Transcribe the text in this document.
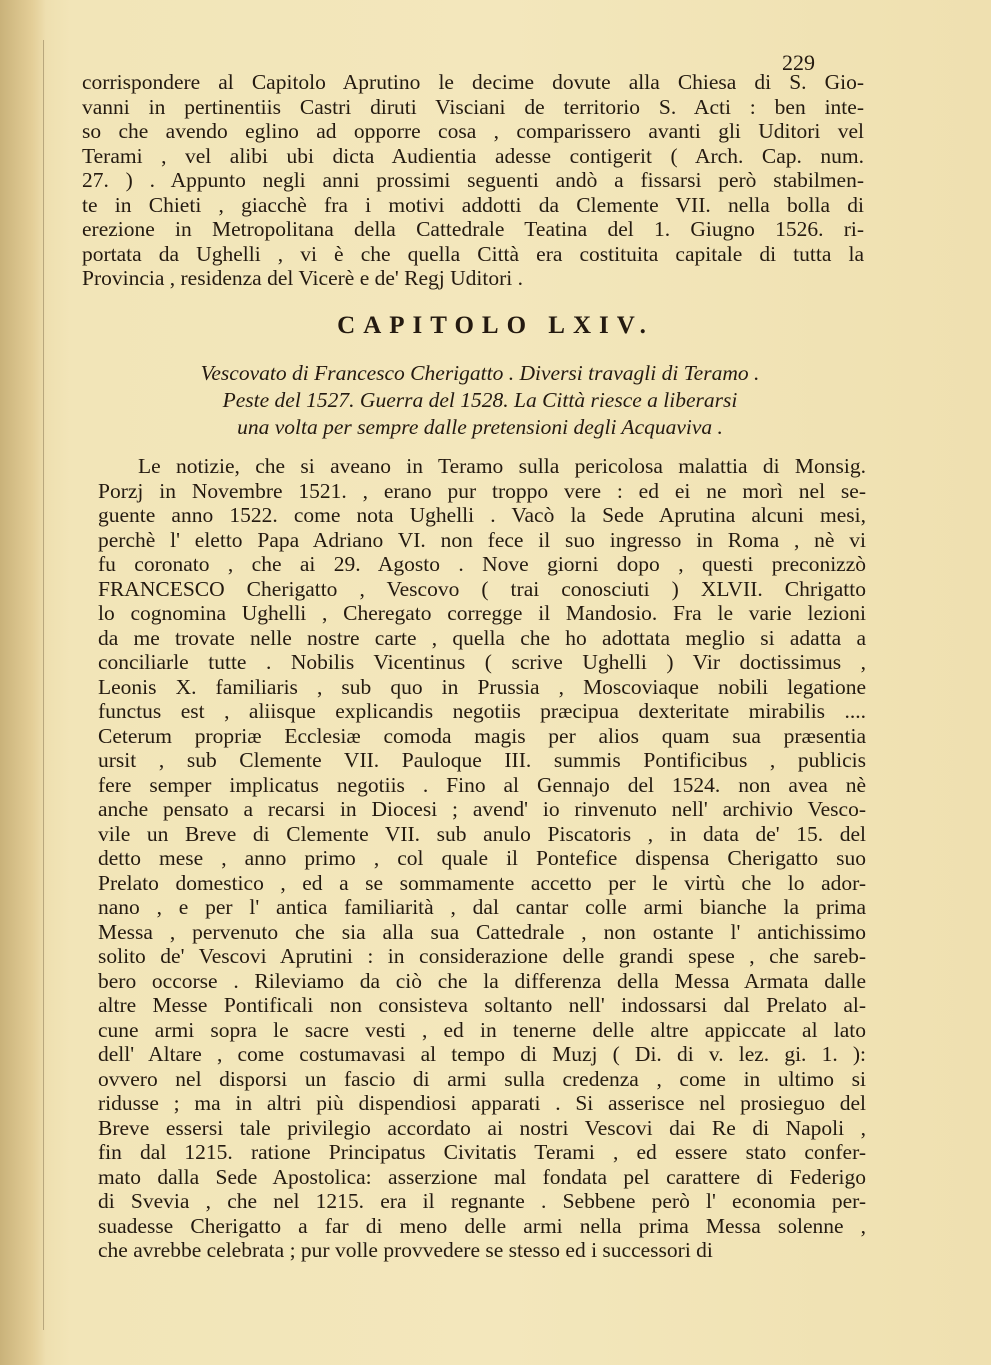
229
corrispondere al Capitolo Aprutino le decime dovute alla Chiesa di S. Gio-
vanni in pertinentiis Castri diruti Visciani de territorio S. Acti : ben inte-
so che avendo eglino ad opporre cosa , comparissero avanti gli Uditori vel
Terami , vel alibi ubi dicta Audientia adesse contigerit ( Arch. Cap. num.
27. ) . Appunto negli anni prossimi seguenti andò a fissarsi però stabilmen-
te in Chieti , giacchè fra i motivi addotti da Clemente VII. nella bolla di
erezione in Metropolitana della Cattedrale Teatina del 1. Giugno 1526. ri-
portata da Ughelli , vi è che quella Città era costituita capitale di tutta la
Provincia , residenza del Vicerè e de' Regj Uditori .
CAPITOLO LXIV.
Vescovato di Francesco Cherigatto . Diversi travagli di Teramo .
Peste del 1527. Guerra del 1528. La Città riesce a liberarsi
una volta per sempre dalle pretensioni degli Acquaviva .
Le notizie, che si aveano in Teramo sulla pericolosa malattia di Monsig.
Porzj in Novembre 1521. , erano pur troppo vere : ed ei ne morì nel se-
guente anno 1522. come nota Ughelli . Vacò la Sede Aprutina alcuni mesi,
perchè l' eletto Papa Adriano VI. non fece il suo ingresso in Roma , nè vi
fu coronato , che ai 29. Agosto . Nove giorni dopo , questi preconizzò
FRANCESCO Cherigatto , Vescovo ( trai conosciuti ) XLVII. Chrigatto
lo cognomina Ughelli , Cheregato corregge il Mandosio. Fra le varie lezioni
da me trovate nelle nostre carte , quella che ho adottata meglio si adatta a
conciliarle tutte . Nobilis Vicentinus ( scrive Ughelli ) Vir doctissimus ,
Leonis X. familiaris , sub quo in Prussia , Moscoviaque nobili legatione
functus est , aliisque explicandis negotiis præcipua dexteritate mirabilis ....
Ceterum propriæ Ecclesiæ comoda magis per alios quam sua præsentia
ursit , sub Clemente VII. Pauloque III. summis Pontificibus , publicis
fere semper implicatus negotiis . Fino al Gennajo del 1524. non avea nè
anche pensato a recarsi in Diocesi ; avend' io rinvenuto nell' archivio Vesco-
vile un Breve di Clemente VII. sub anulo Piscatoris , in data de' 15. del
detto mese , anno primo , col quale il Pontefice dispensa Cherigatto suo
Prelato domestico , ed a se sommamente accetto per le virtù che lo ador-
nano , e per l' antica familiarità , dal cantar colle armi bianche la prima
Messa , pervenuto che sia alla sua Cattedrale , non ostante l' antichissimo
solito de' Vescovi Aprutini : in considerazione delle grandi spese , che sareb-
bero occorse . Rileviamo da ciò che la differenza della Messa Armata dalle
altre Messe Pontificali non consisteva soltanto nell' indossarsi dal Prelato al-
cune armi sopra le sacre vesti , ed in tenerne delle altre appiccate al lato
dell' Altare , come costumavasi al tempo di Muzj ( Di. di v. lez. gi. 1. ):
ovvero nel disporsi un fascio di armi sulla credenza , come in ultimo si
ridusse ; ma in altri più dispendiosi apparati . Si asserisce nel prosieguo del
Breve essersi tale privilegio accordato ai nostri Vescovi dai Re di Napoli ,
fin dal 1215. ratione Principatus Civitatis Terami , ed essere stato confer-
mato dalla Sede Apostolica: asserzione mal fondata pel carattere di Federigo
di Svevia , che nel 1215. era il regnante . Sebbene però l' economia per-
suadesse Cherigatto a far di meno delle armi nella prima Messa solenne ,
che avrebbe celebrata ; pur volle provvedere se stesso ed i successori di
